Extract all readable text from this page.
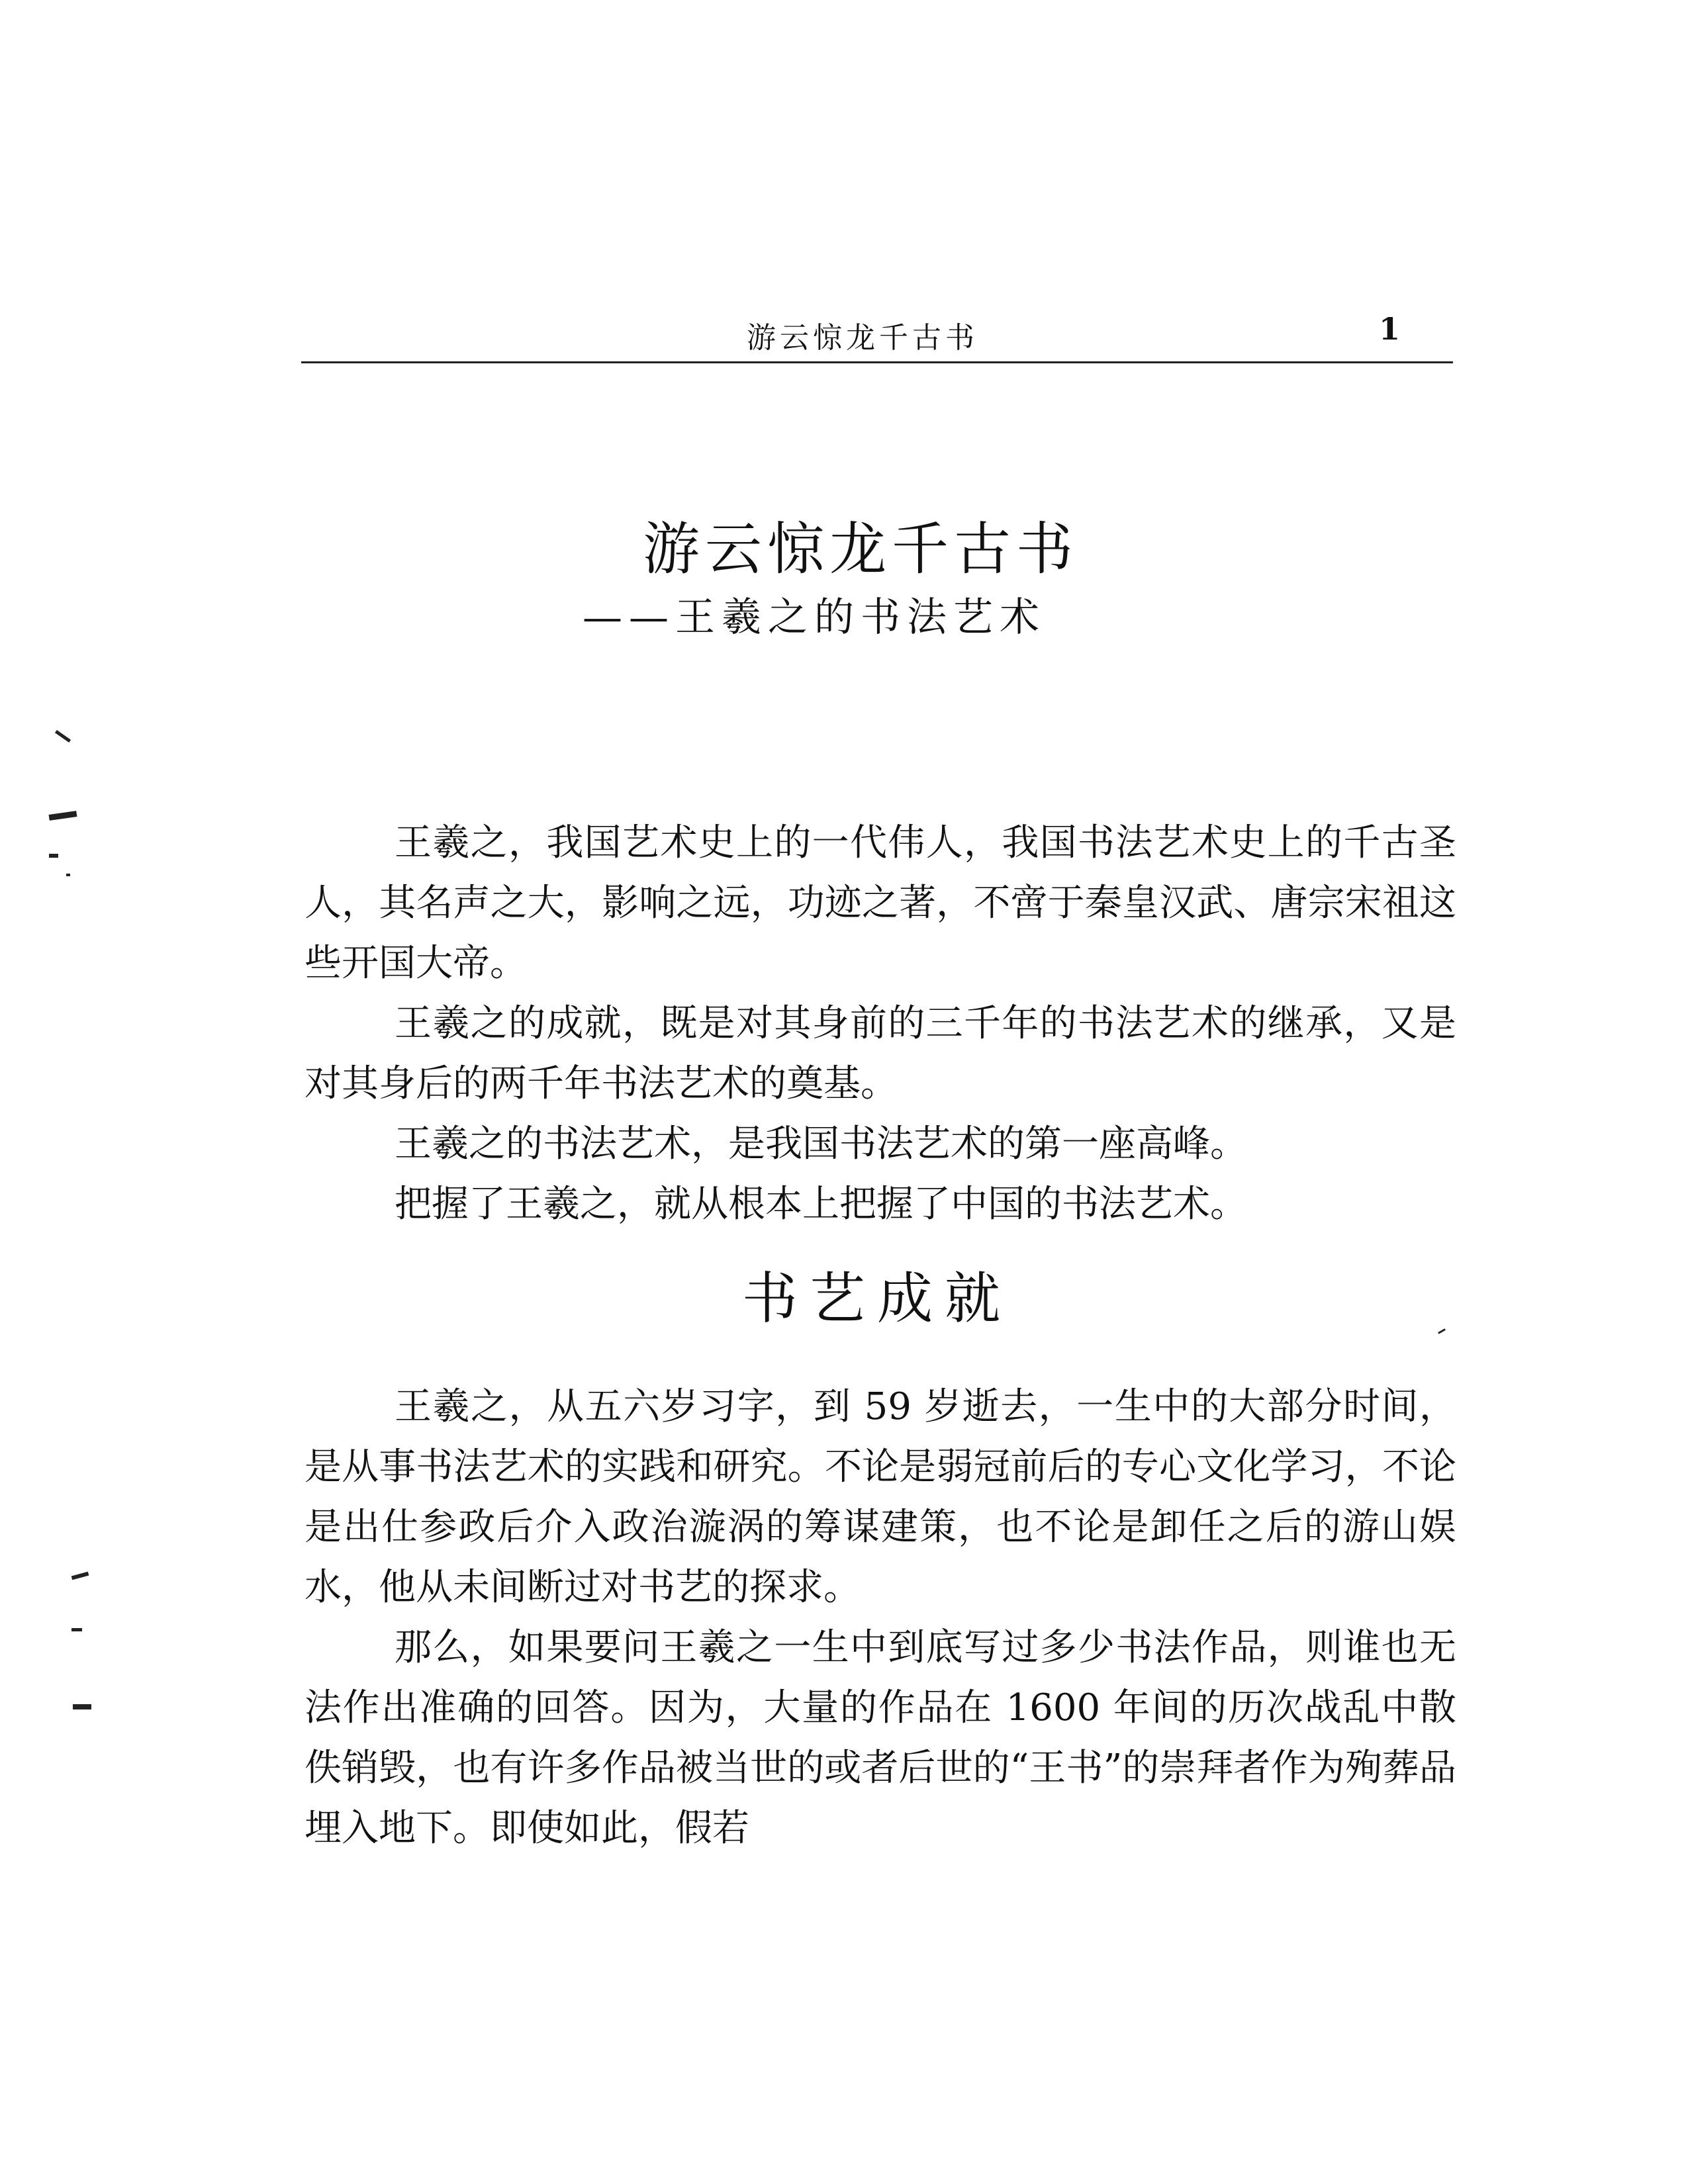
游云惊龙千古书	1
游云惊龙千古书
——王羲之的书法艺术

王羲之，我国艺术史上的一代伟人，我国书法艺术史上的千古圣人，其名声之大，影响之远，功迹之著，不啻于秦皇汉武、唐宗宋祖这些开国大帝。

王羲之的成就，既是对其身前的三千年的书法艺术的继承，又是对其身后的两千年书法艺术的奠基。

王羲之的书法艺术，是我国书法艺术的第一座高峰。

把握了王羲之，就从根本上把握了中国的书法艺术。

书艺成就

王羲之，从五六岁习字，到 59 岁逝去，一生中的大部分时间，是从事书法艺术的实践和研究。不论是弱冠前后的专心文化学习，不论是出仕参政后介入政治漩涡的筹谋建策，也不论是卸任之后的游山娱水，他从未间断过对书艺的探求。

那么，如果要问王羲之一生中到底写过多少书法作品，则谁也无法作出准确的回答。因为，大量的作品在 1600 年间的历次战乱中散佚销毁，也有许多作品被当世的或者后世的“王书”的崇拜者作为殉葬品埋入地下。即使如此，假若
